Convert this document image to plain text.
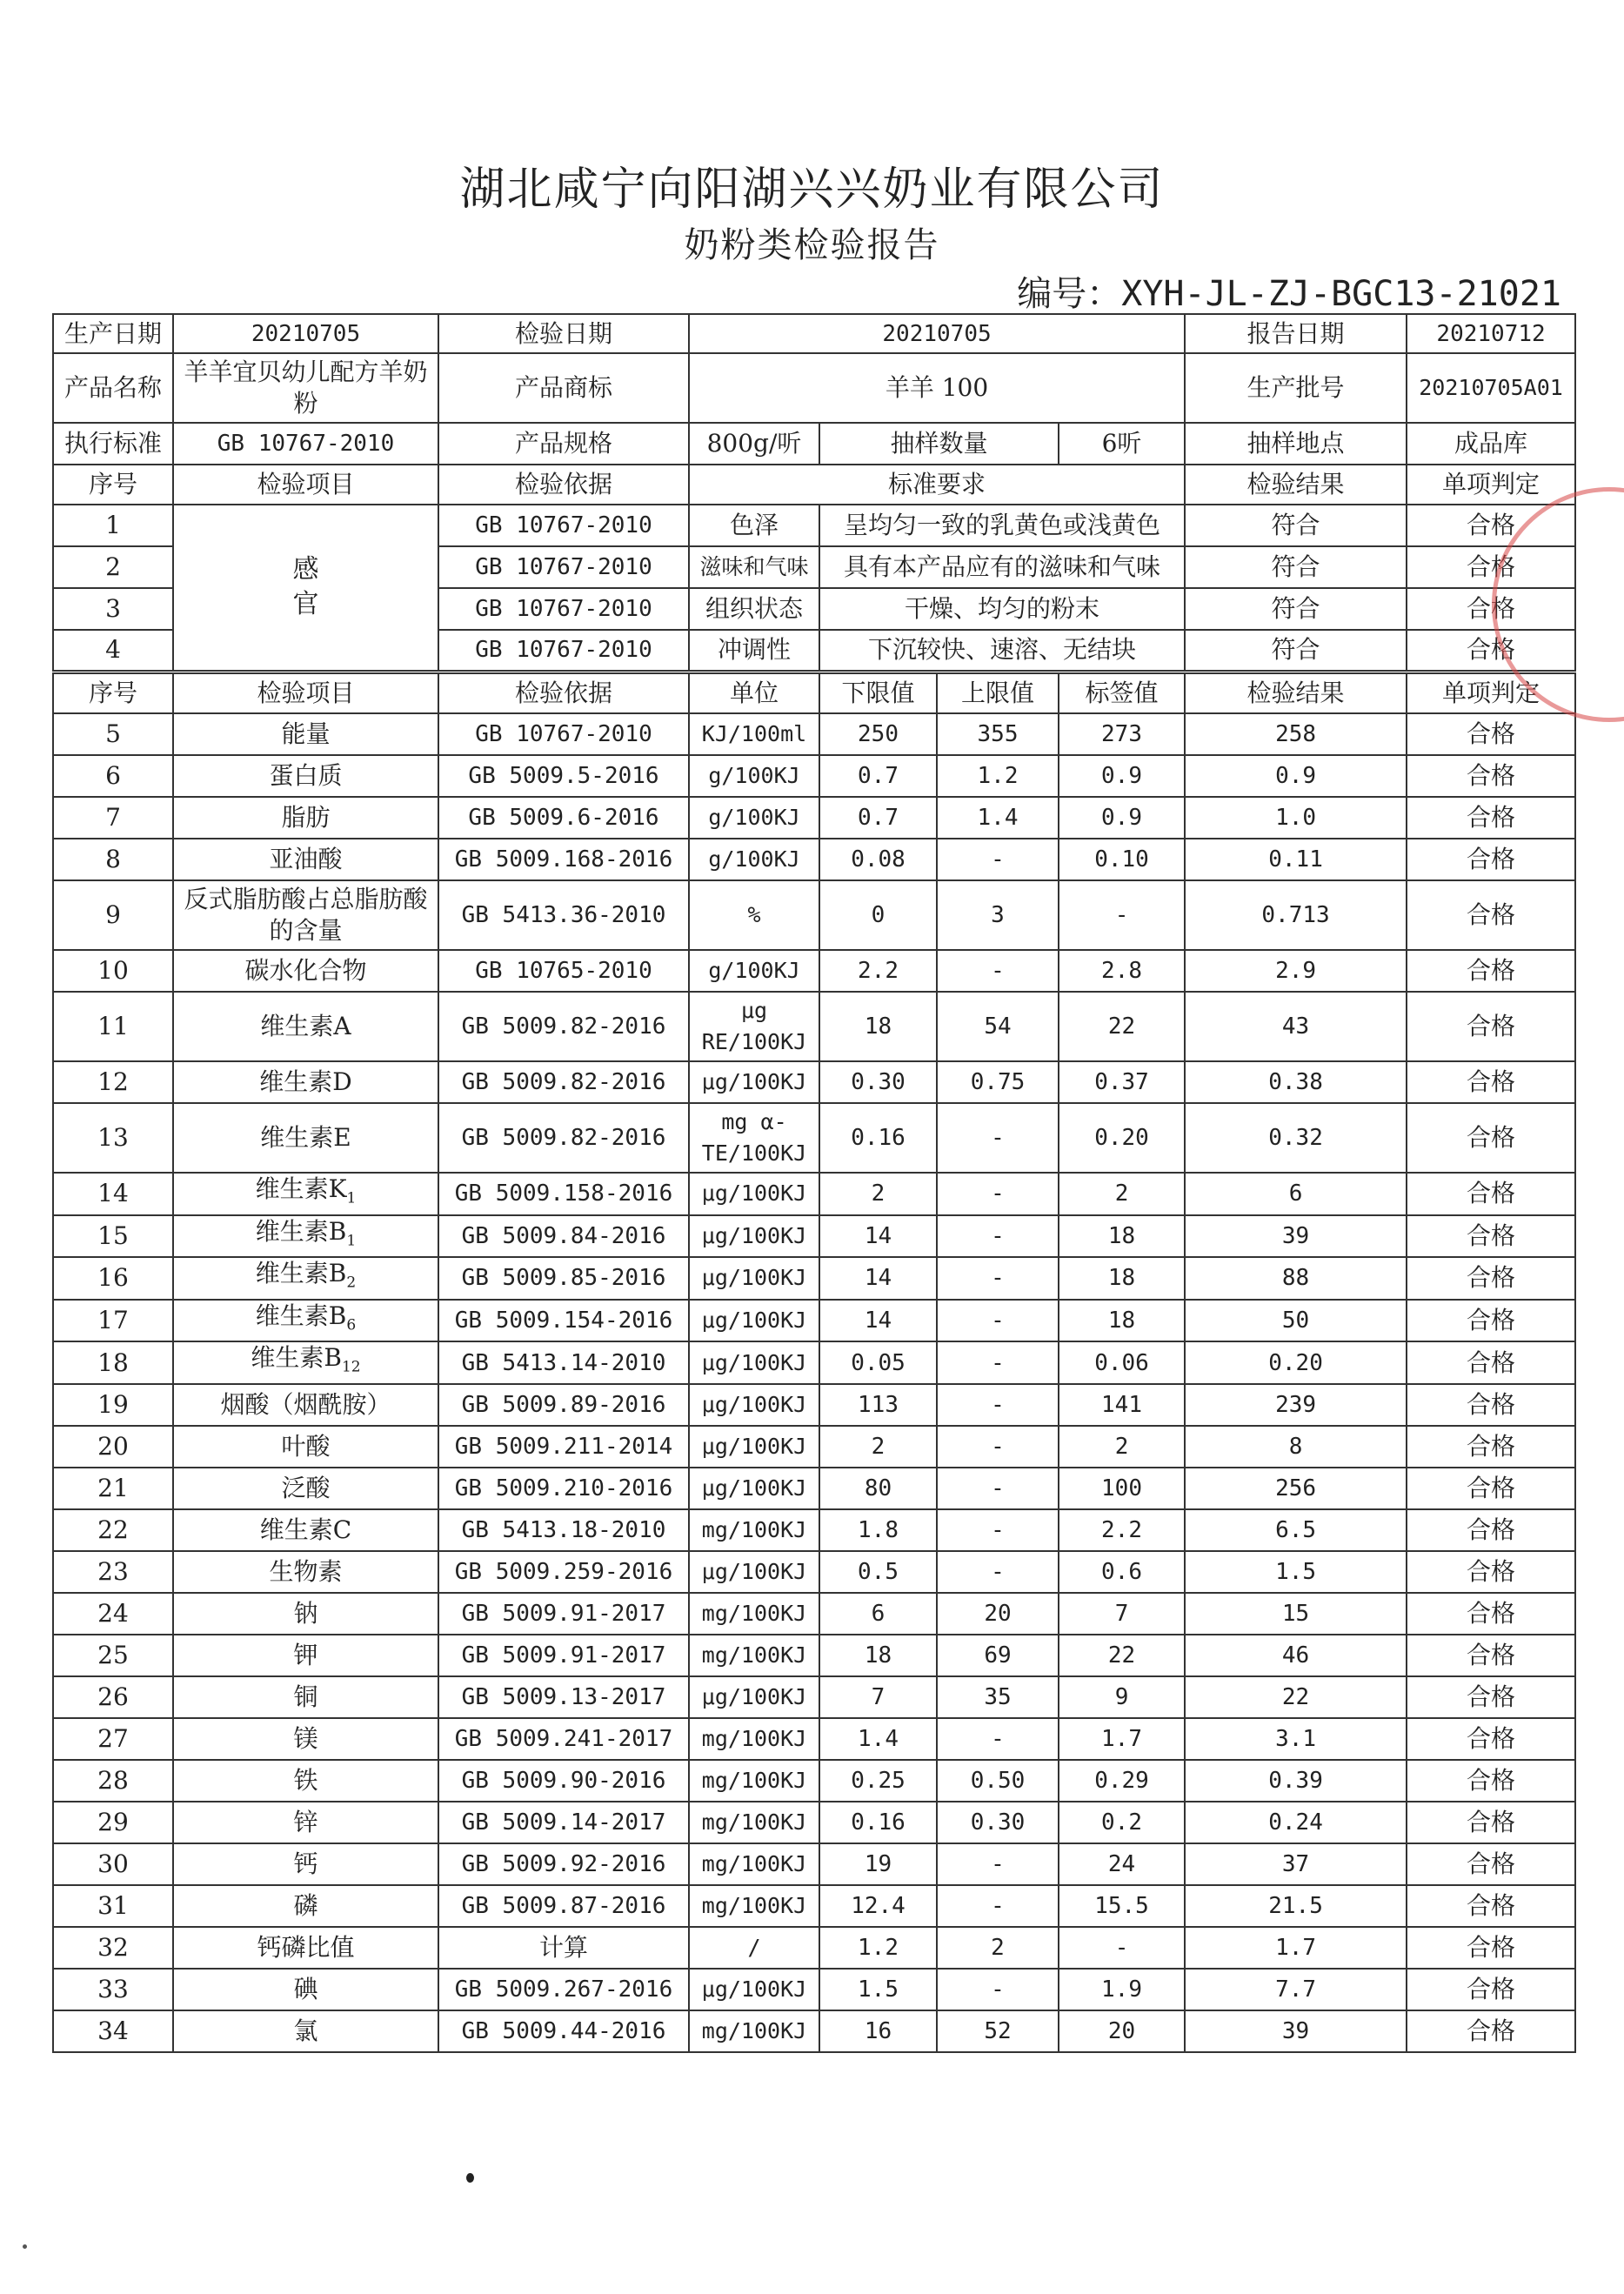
湖北咸宁向阳湖兴兴奶业有限公司
奶粉类检验报告
编号：XYH-JL-ZJ-BGC13-21021
生产日期	20210705	检验日期	20210705				报告日期	20210712
产品名称	羊羊宜贝幼儿配方羊奶粉	产品商标	羊羊 100				生产批号	20210705A01
执行标准	GB 10767-2010	产品规格	800g/听	抽样数量		6听	抽样地点	成品库
序号	检验项目	检验依据	标准要求				检验结果	单项判定
1	感官	GB 10767-2010	色泽	呈均匀一致的乳黄色或浅黄色			符合	合格
2		GB 10767-2010	滋味和气味	具有本产品应有的滋味和气味			符合	合格
3		GB 10767-2010	组织状态	干燥、均匀的粉末			符合	合格
4		GB 10767-2010	冲调性	下沉较快、速溶、无结块			符合	合格
序号	检验项目	检验依据	单位	下限值	上限值	标签值	检验结果	单项判定
5	能量	GB 10767-2010	KJ/100ml	250	355	273	258	合格
6	蛋白质	GB 5009.5-2016	g/100KJ	0.7	1.2	0.9	0.9	合格
7	脂肪	GB 5009.6-2016	g/100KJ	0.7	1.4	0.9	1.0	合格
8	亚油酸	GB 5009.168-2016	g/100KJ	0.08	-	0.10	0.11	合格
9	反式脂肪酸占总脂肪酸的含量	GB 5413.36-2010	%	0	3	-	0.713	合格
10	碳水化合物	GB 10765-2010	g/100KJ	2.2	-	2.8	2.9	合格
11	维生素A	GB 5009.82-2016	μg RE/100KJ	18	54	22	43	合格
12	维生素D	GB 5009.82-2016	μg/100KJ	0.30	0.75	0.37	0.38	合格
13	维生素E	GB 5009.82-2016	mg α-TE/100KJ	0.16	-	0.20	0.32	合格
14	维生素$K_1$	GB 5009.158-2016	μg/100KJ	2	-	2	6	合格
15	维生素$B_1$	GB 5009.84-2016	μg/100KJ	14	-	18	39	合格
16	维生素$B_2$	GB 5009.85-2016	μg/100KJ	14	-	18	88	合格
17	维生素$B_6$	GB 5009.154-2016	μg/100KJ	14	-	18	50	合格
18	维生素$B_{12}$	GB 5413.14-2010	μg/100KJ	0.05	-	0.06	0.20	合格
19	烟酸（烟酰胺）	GB 5009.89-2016	μg/100KJ	113	-	141	239	合格
20	叶酸	GB 5009.211-2014	μg/100KJ	2	-	2	8	合格
21	泛酸	GB 5009.210-2016	μg/100KJ	80	-	100	256	合格
22	维生素C	GB 5413.18-2010	mg/100KJ	1.8	-	2.2	6.5	合格
23	生物素	GB 5009.259-2016	μg/100KJ	0.5	-	0.6	1.5	合格
24	钠	GB 5009.91-2017	mg/100KJ	6	20	7	15	合格
25	钾	GB 5009.91-2017	mg/100KJ	18	69	22	46	合格
26	铜	GB 5009.13-2017	μg/100KJ	7	35	9	22	合格
27	镁	GB 5009.241-2017	mg/100KJ	1.4	-	1.7	3.1	合格
28	铁	GB 5009.90-2016	mg/100KJ	0.25	0.50	0.29	0.39	合格
29	锌	GB 5009.14-2017	mg/100KJ	0.16	0.30	0.2	0.24	合格
30	钙	GB 5009.92-2016	mg/100KJ	19	-	24	37	合格
31	磷	GB 5009.87-2016	mg/100KJ	12.4	-	15.5	21.5	合格
32	钙磷比值	计算	/	1.2	2	-	1.7	合格
33	碘	GB 5009.267-2016	μg/100KJ	1.5	-	1.9	7.7	合格
34	氯	GB 5009.44-2016	mg/100KJ	16	52	20	39	合格
